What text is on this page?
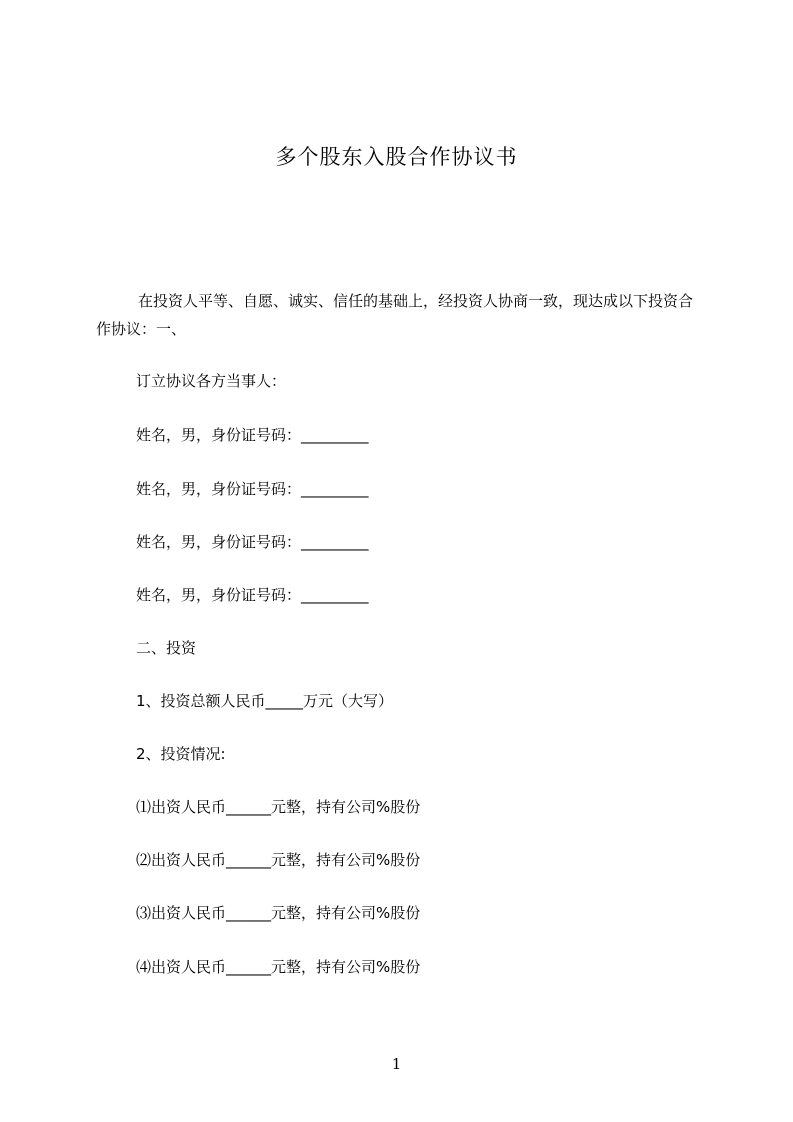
多个股东入股合作协议书

在投资人平等、自愿、诚实、信任的基础上，经投资人协商一致，现达成以下投资合作协议：一、

订立协议各方当事人：

姓名，男，身份证号码：_________

姓名，男，身份证号码：_________

姓名，男，身份证号码：_________

姓名，男，身份证号码：_________

二、投资

1、投资总额人民币_____万元（大写）

2、投资情况:

⑴出资人民币______元整，持有公司%股份

⑵出资人民币______元整，持有公司%股份

⑶出资人民币______元整，持有公司%股份

⑷出资人民币______元整，持有公司%股份

1
